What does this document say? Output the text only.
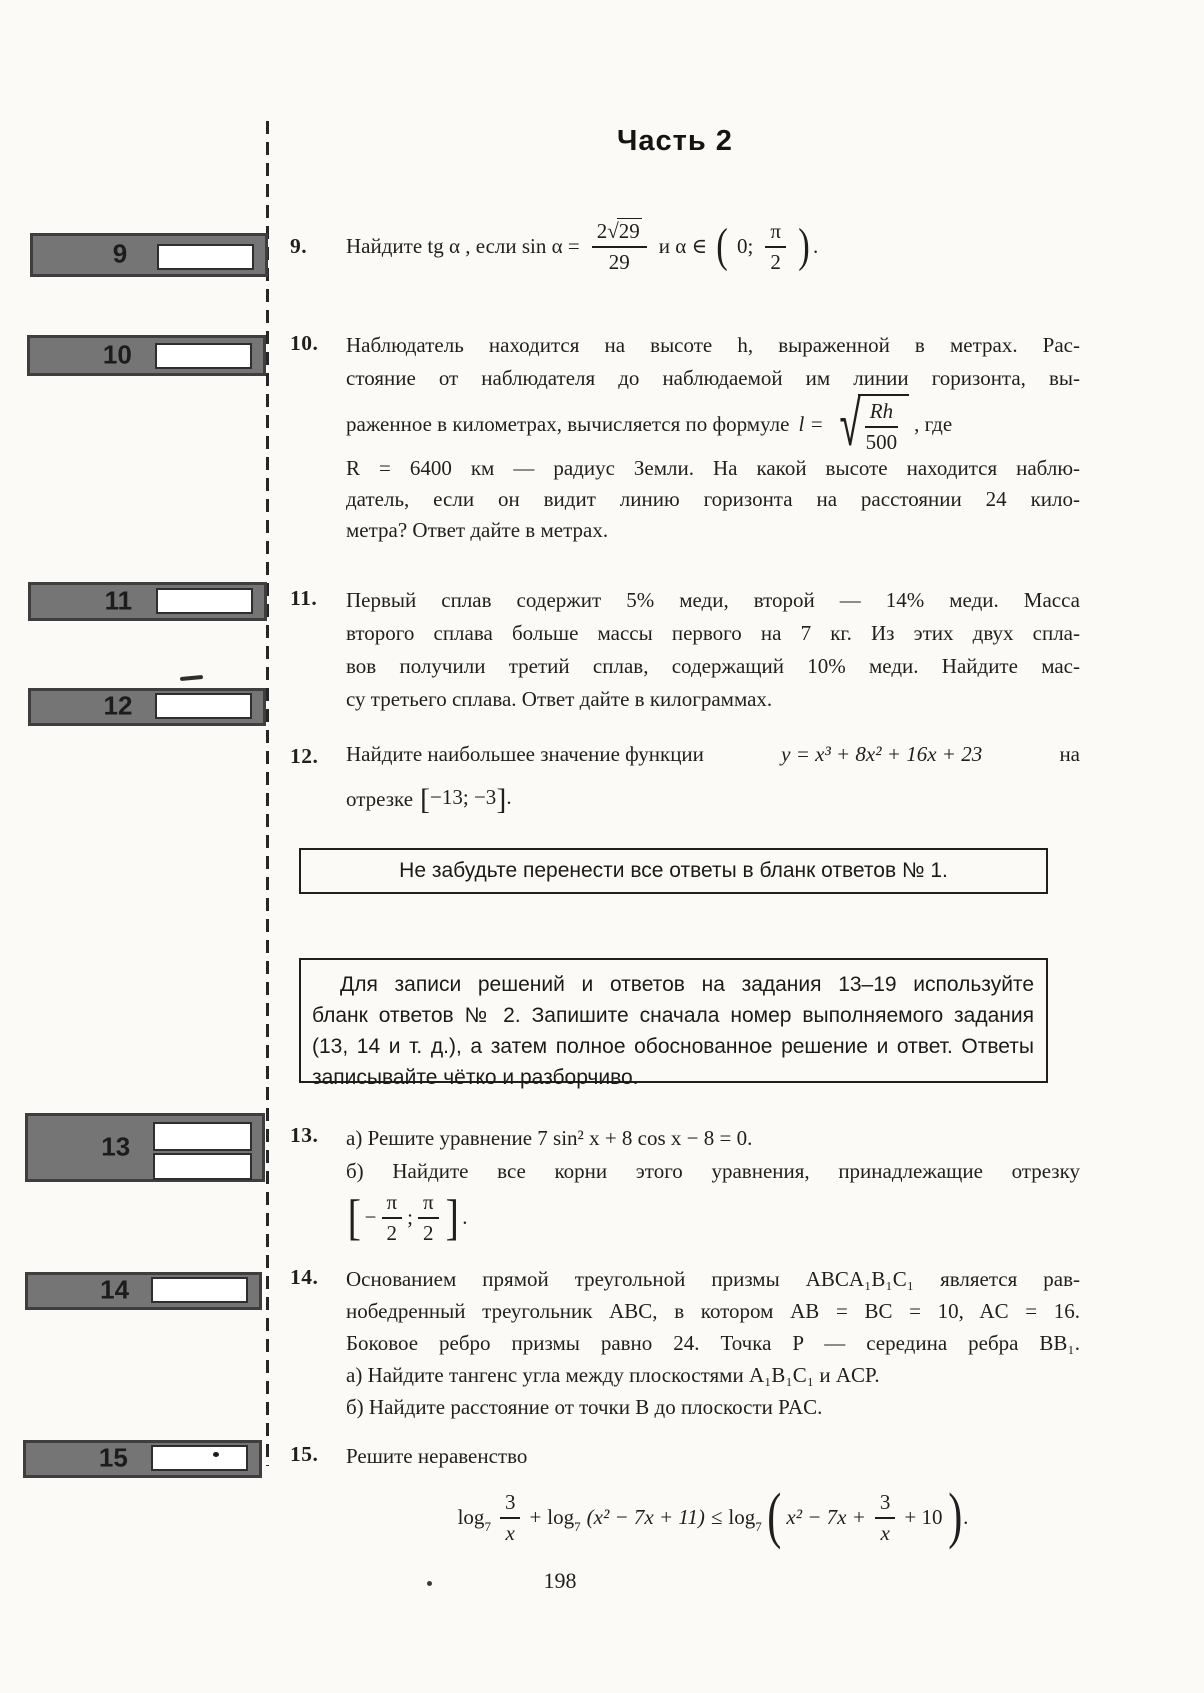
Часть 2
9
10
11
12
13
14
15
9. Найдите tg α , если $\sin \alpha = \frac{2√29}{29}$ и α ∈ ( 0; $\frac{\pi}{2}$ ) .
10. Наблюдатель находится на высоте h, выраженной в метрах. Рас-
стояние от наблюдателя до наблюдаемой им линии горизонта, вы-
раженное в километрах, вычисляется по формуле l = √ $\frac{Rh}{500}$ , где
R = 6400 км — радиус Земли. На какой высоте находится наблю-
датель, если он видит линию горизонта на расстоянии 24 кило-
метра? Ответ дайте в метрах.
11. Первый сплав содержит 5% меди, второй — 14% меди. Масса
второго сплава больше массы первого на 7 кг. Из этих двух спла-
вов получили третий сплав, содержащий 10% меди. Найдите мас-
су третьего сплава. Ответ дайте в килограммах.
12. Найдите наибольшее значение функции	y = x³ + 8x² + 16x + 23	на
отрезке [−13; −3].
Не забудьте перенести все ответы в бланк ответов № 1.
Для записи решений и ответов на задания 13–19 используйте
бланк ответов № 2. Запишите сначала номер выполняемого задания
(13, 14 и т. д.), а затем полное обоснованное решение и ответ. Ответы
записывайте чётко и разборчиво.
13. а) Решите уравнение 7 sin² x + 8 cos x − 8 = 0.
б) Найдите все корни этого уравнения, принадлежащие отрезку
[ − $\frac{\pi}{2}$ ; $\frac{\pi}{2}$ ] .
14. Основанием прямой треугольной призмы ABCA₁B₁C₁ является рав-
нобедренный треугольник ABC, в котором AB = BC = 10, AC = 16.
Боковое ребро призмы равно 24. Точка P — середина ребра BB₁.
а) Найдите тангенс угла между плоскостями A₁B₁C₁ и ACP.
б) Найдите расстояние от точки B до плоскости PAC.
15. Решите неравенство
$\log_7 \frac{3}{x} + \log_7 (x^2 - 7x + 11) \le \log_7$ ( $x^2 - 7x + \frac{3}{x} + 10$ ) .
198
